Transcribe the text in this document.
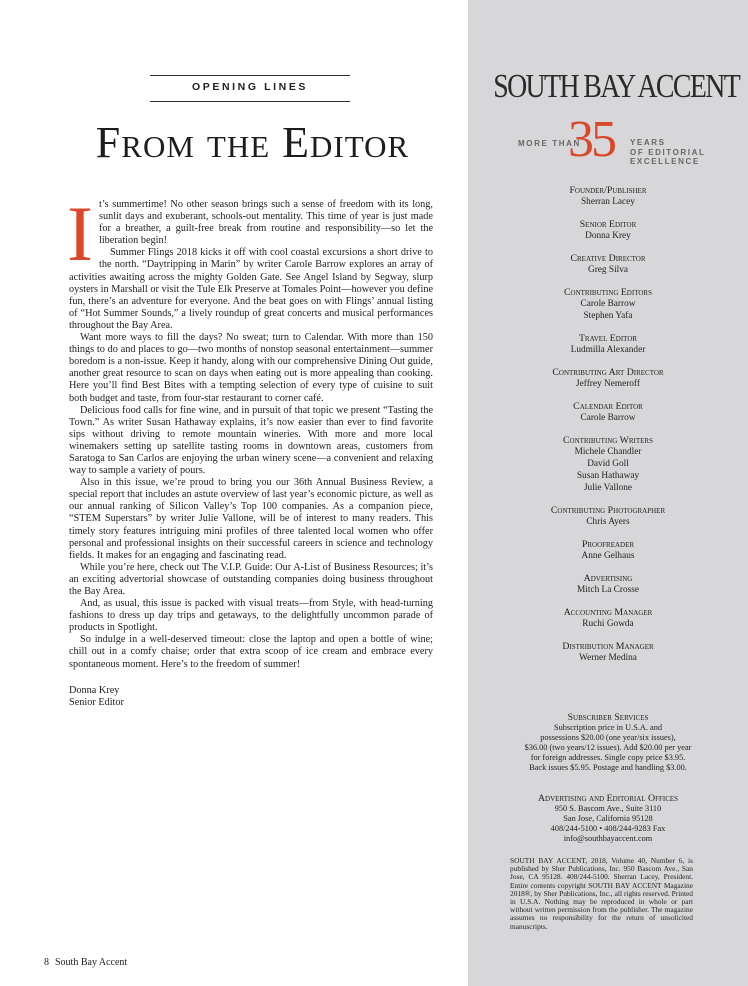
OPENING LINES
From the Editor

It’s summertime! No other season brings such a sense of freedom with its long, sunlit days and exuberant, schools-out mentality. This time of year is just made for a breather, a guilt-free break from routine and responsibility—so let the liberation begin!

Summer Flings 2018 kicks it off with cool coastal excursions a short drive to the north. “Daytripping in Marin” by writer Carole Barrow explores an array of activities awaiting across the mighty Golden Gate. See Angel Island by Segway, slurp oysters in Marshall or visit the Tule Elk Preserve at Tomales Point—however you define fun, there’s an adventure for everyone. And the beat goes on with Flings’ annual listing of “Hot Summer Sounds,” a lively roundup of great concerts and musical performances throughout the Bay Area.

Want more ways to fill the days? No sweat; turn to Calendar. With more than 150 things to do and places to go—two months of nonstop seasonal entertainment—summer boredom is a non-issue. Keep it handy, along with our comprehensive Dining Out guide, another great resource to scan on days when eating out is more appealing than cooking. Here you’ll find Best Bites with a tempting selection of every type of cuisine to suit both budget and taste, from four-star restaurant to corner café.

Delicious food calls for fine wine, and in pursuit of that topic we present “Tasting the Town.” As writer Susan Hathaway explains, it’s now easier than ever to find favorite sips without driving to remote mountain wineries. With more and more local winemakers setting up satellite tasting rooms in downtown areas, customers from Saratoga to San Carlos are enjoying the urban winery scene—a convenient and relaxing way to sample a variety of pours.

Also in this issue, we’re proud to bring you our 36th Annual Business Review, a special report that includes an astute overview of last year’s economic picture, as well as our annual ranking of Silicon Valley’s Top 100 companies. As a companion piece, “STEM Superstars” by writer Julie Vallone, will be of interest to many readers. This timely story features intriguing mini profiles of three talented local women who offer personal and professional insights on their successful careers in science and technology fields. It makes for an engaging and fascinating read.

While you’re here, check out The V.I.P. Guide: Our A-List of Business Resources; it’s an exciting advertorial showcase of outstanding companies doing business throughout the Bay Area.

And, as usual, this issue is packed with visual treats—from Style, with head-turning fashions to dress up day trips and getaways, to the delightfully uncommon parade of products in Spotlight.

So indulge in a well-deserved timeout: close the laptop and open a bottle of wine; chill out in a comfy chaise; order that extra scoop of ice cream and embrace every spontaneous moment. Here’s to the freedom of summer!

Donna Krey
Senior Editor
8 South Bay Accent
SOUTH BAY ACCENT
MORE THAN
35 YEARS
OF EDITORIAL
EXCELLENCE
Founder/Publisher
Sherran Lacey
Senior Editor
Donna Krey
Creative Director
Greg Silva
Contributing Editors
Carole Barrow
Stephen Yafa
Travel Editor
Ludmilla Alexander
Contributing Art Director
Jeffrey Nemeroff
Calendar Editor
Carole Barrow
Contributing Writers
Michele Chandler
David Goll
Susan Hathaway
Julie Vallone
Contributing Photographer
Chris Ayers
Proofreader
Anne Gelhaus
Advertising
Mitch La Crosse
Accounting Manager
Ruchi Gowda
Distribution Manager
Werner Medina
Subscriber Services
Subscription price in U.S.A. and
possessions $20.00 (one year/six issues),
$36.00 (two years/12 issues). Add $20.00 per year
for foreign addresses. Single copy price $3.95.
Back issues $5.95. Postage and handling $3.00.
Advertising and Editorial Offices
950 S. Bascom Ave., Suite 3110
San Jose, California 95128
408/244-5100 • 408/244-9283 Fax
info@southbayaccent.com
SOUTH BAY ACCENT, 2018, Volume 40, Number 6, is published by Sher Publications, Inc. 950 Bascom Ave., San Jose, CA 95128. 408/244-5100. Sherran Lacey, President. Entire contents copyright SOUTH BAY ACCENT Magazine 2018®, by Sher Publications, Inc., all rights reserved. Printed in U.S.A. Nothing may be reproduced in whole or part without written permission from the publisher. The magazine assumes no responsibility for the return of unsolicited manuscripts.
